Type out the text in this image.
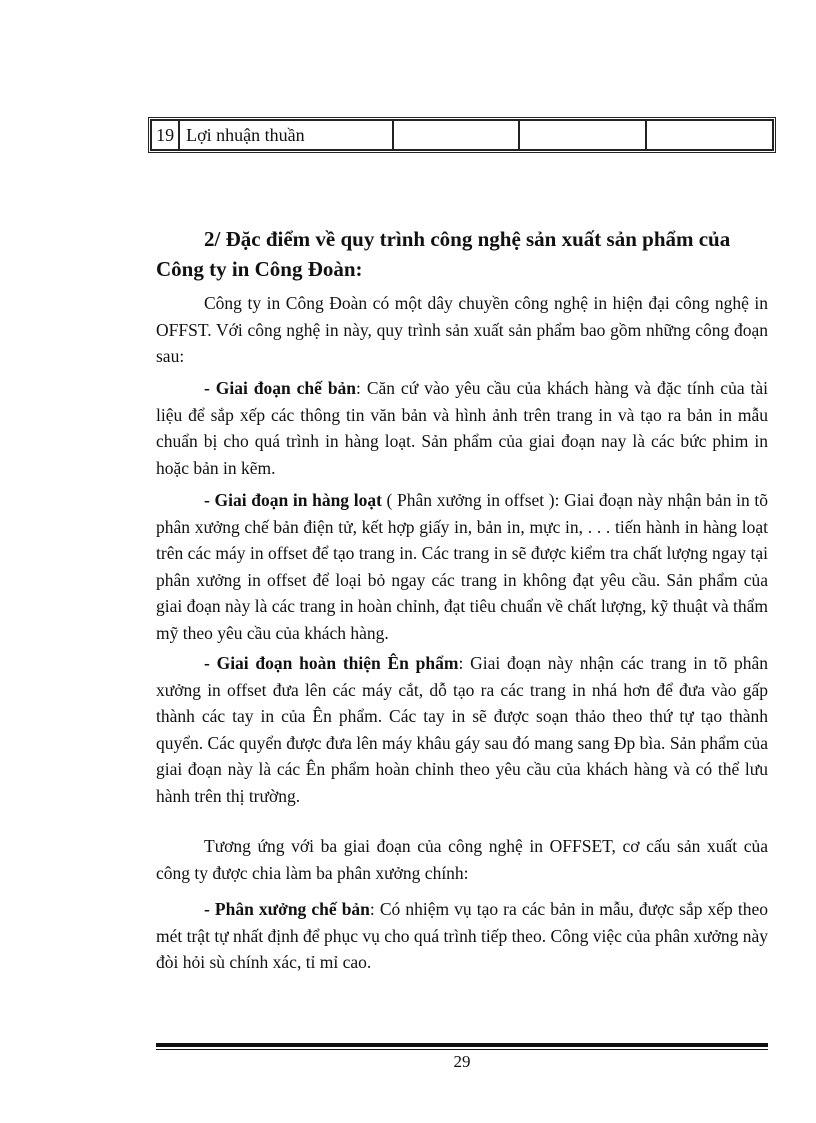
19	Lợi nhuận thuần			
2/ Đặc điểm về quy trình công nghệ sản xuất sản phẩm của
Công ty in Công Đoàn:

Công ty in Công Đoàn có một dây chuyền công nghệ in hiện đại công nghệ in OFFST. Với công nghệ in này, quy trình sản xuất sản phẩm bao gồm những công đoạn sau:

- Giai đoạn chế bản: Căn cứ vào yêu cầu của khách hàng và đặc tính của tài liệu để sắp xếp các thông tin văn bản và hình ảnh trên trang in và tạo ra bản in mẫu chuẩn bị cho quá trình in hàng loạt. Sản phẩm của giai đoạn nay là các bức phim in hoặc bản in kẽm.

- Giai đoạn in hàng loạt ( Phân xưởng in offset ): Giai đoạn này nhận bản in tõ phân xưởng chế bản điện tử, kết hợp giấy in, bản in, mực in, . . . tiến hành in hàng loạt trên các máy in offset để tạo trang in. Các trang in sẽ được kiểm tra chất lượng ngay tại phân xưởng in offset để loại bỏ ngay các trang in không đạt yêu cầu. Sản phẩm của giai đoạn này là các trang in hoàn chỉnh, đạt tiêu chuẩn về chất lượng, kỹ thuật và thẩm mỹ theo yêu cầu của khách hàng.

- Giai đoạn hoàn thiện Ên phẩm: Giai đoạn này nhận các trang in tõ phân xưởng in offset đưa lên các máy cắt, dỗ tạo ra các trang in nhá hơn để đưa vào gấp thành các tay in của Ên phẩm. Các tay in sẽ được soạn thảo theo thứ tự tạo thành quyển. Các quyển được đưa lên máy khâu gáy sau đó mang sang Ðp bìa. Sản phẩm của giai đoạn này là các Ên phẩm hoàn chỉnh theo yêu cầu của khách hàng và có thể lưu hành trên thị trường.

Tương ứng với ba giai đoạn của công nghệ in OFFSET, cơ cấu sản xuất của công ty được chia làm ba phân xưởng chính:

- Phân xưởng chế bản: Có nhiệm vụ tạo ra các bản in mẫu, được sắp xếp theo mét trật tự nhất định để phục vụ cho quá trình tiếp theo. Công việc của phân xưởng này đòi hỏi sù chính xác, tỉ mỉ cao.

29
